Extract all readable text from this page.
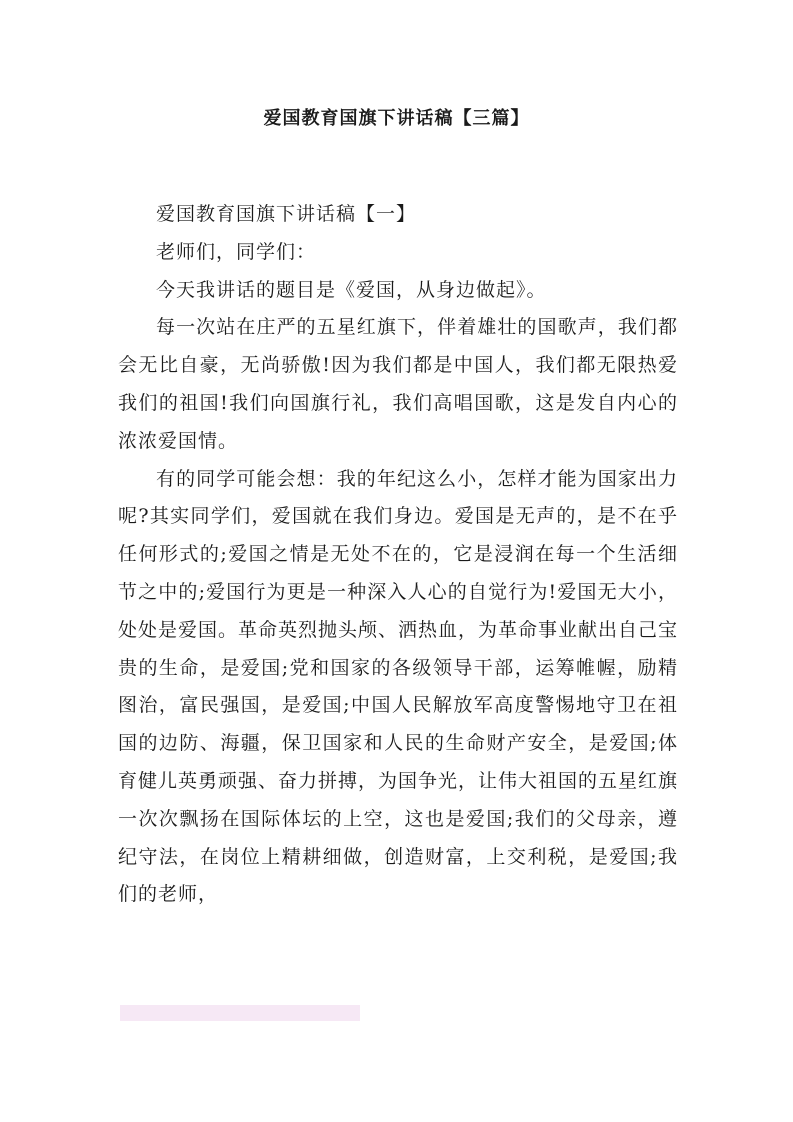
爱国教育国旗下讲话稿【三篇】

爱国教育国旗下讲话稿【一】

老师们，同学们：

今天我讲话的题目是《爱国，从身边做起》。

每一次站在庄严的五星红旗下，伴着雄壮的国歌声，我们都会无比自豪，无尚骄傲!因为我们都是中国人，我们都无限热爱我们的祖国!我们向国旗行礼，我们高唱国歌，这是发自内心的浓浓爱国情。

有的同学可能会想：我的年纪这么小，怎样才能为国家出力呢?其实同学们，爱国就在我们身边。爱国是无声的，是不在乎任何形式的;爱国之情是无处不在的，它是浸润在每一个生活细节之中的;爱国行为更是一种深入人心的自觉行为!爱国无大小，处处是爱国。革命英烈抛头颅、洒热血，为革命事业献出自己宝贵的生命，是爱国;党和国家的各级领导干部，运筹帷幄，励精图治，富民强国，是爱国;中国人民解放军高度警惕地守卫在祖国的边防、海疆，保卫国家和人民的生命财产安全，是爱国;体育健儿英勇顽强、奋力拼搏，为国争光，让伟大祖国的五星红旗一次次飘扬在国际体坛的上空，这也是爱国;我们的父母亲，遵纪守法，在岗位上精耕细做，创造财富，上交利税，是爱国;我们的老师，
